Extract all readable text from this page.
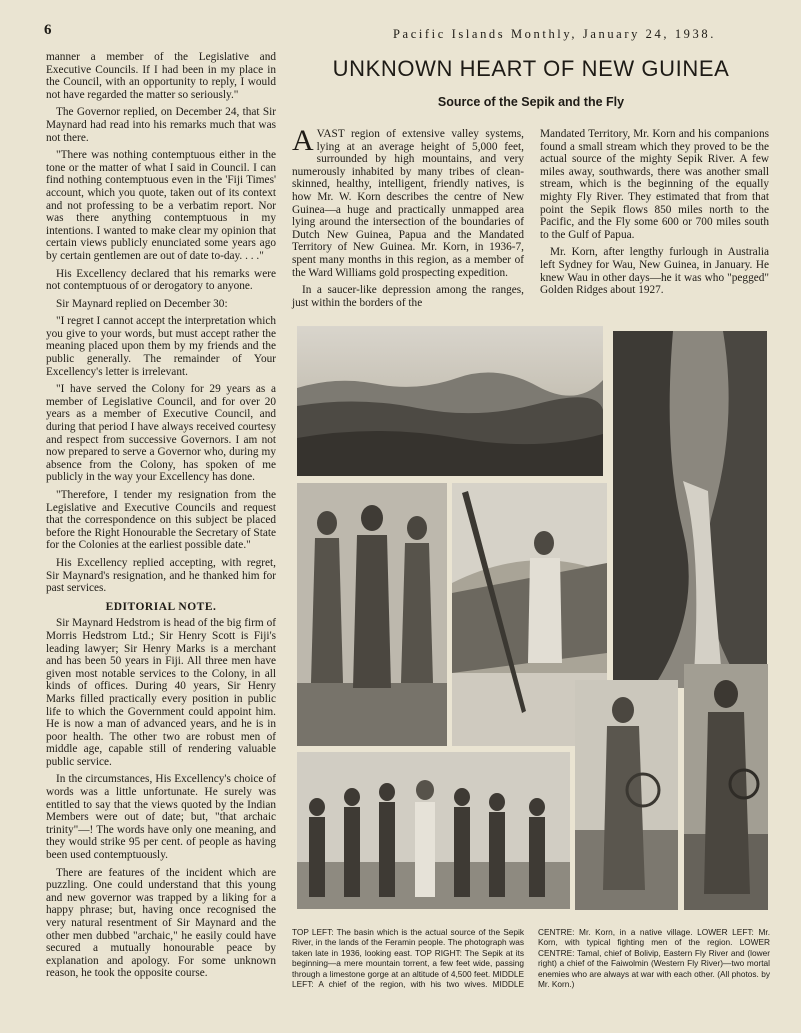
6	Pacific Islands Monthly, January 24, 1938.

manner a member of the Legislative and Executive Councils. If I had been in my place in the Council, with an opportunity to reply, I would not have regarded the matter so seriously."

The Governor replied, on December 24, that Sir Maynard had read into his remarks much that was not there.

"There was nothing contemptuous either in the tone or the matter of what I said in Council. I can find nothing contemptuous even in the 'Fiji Times' account, which you quote, taken out of its context and not professing to be a verbatim report. Nor was there anything contemptuous in my intentions. I wanted to make clear my opinion that certain views publicly enunciated some years ago by certain gentlemen are out of date to-day. . . ."

His Excellency declared that his remarks were not contemptuous of or derogatory to anyone.

Sir Maynard replied on December 30:

"I regret I cannot accept the interpretation which you give to your words, but must accept rather the meaning placed upon them by my friends and the public generally. The remainder of Your Excellency's letter is irrelevant.

"I have served the Colony for 29 years as a member of Legislative Council, and for over 20 years as a member of Executive Council, and during that period I have always received courtesy and respect from successive Governors. I am not now prepared to serve a Governor who, during my absence from the Colony, has spoken of me publicly in the way your Excellency has done.

"Therefore, I tender my resignation from the Legislative and Executive Councils and request that the correspondence on this subject be placed before the Right Honourable the Secretary of State for the Colonies at the earliest possible date."

His Excellency replied accepting, with regret, Sir Maynard's resignation, and he thanked him for past services.

EDITORIAL NOTE.

Sir Maynard Hedstrom is head of the big firm of Morris Hedstrom Ltd.; Sir Henry Scott is Fiji's leading lawyer; Sir Henry Marks is a merchant and has been 50 years in Fiji. All three men have given most notable services to the Colony, in all kinds of offices. During 40 years, Sir Henry Marks filled practically every position in public life to which the Government could appoint him. He is now a man of advanced years, and he is in poor health. The other two are robust men of middle age, capable still of rendering valuable public service.

In the circumstances, His Excellency's choice of words was a little unfortunate. He surely was entitled to say that the views quoted by the Indian Members were out of date; but, "that archaic trinity"—! The words have only one meaning, and they would strike 95 per cent. of people as having been used contemptuously.

There are features of the incident which are puzzling. One could understand that this young and new governor was trapped by a liking for a happy phrase; but, having once recognised the very natural resentment of Sir Maynard and the other men dubbed "archaic," he easily could have secured a mutually honourable peace by explanation and apology. For some unknown reason, he took the opposite course.

UNKNOWN HEART OF NEW GUINEA
Source of the Sepik and the Fly

AVAST region of extensive valley systems, lying at an average height of 5,000 feet, surrounded by high mountains, and very numerously inhabited by many tribes of clean-skinned, healthy, intelligent, friendly natives, is how Mr. W. Korn describes the centre of New Guinea—a huge and practically unmapped area lying around the intersection of the boundaries of Dutch New Guinea, Papua and the Mandated Territory of New Guinea. Mr. Korn, in 1936-7, spent many months in this region, as a member of the Ward Williams gold prospecting expedition.

In a saucer-like depression among the ranges, just within the borders of the

Mandated Territory, Mr. Korn and his companions found a small stream which they proved to be the actual source of the mighty Sepik River. A few miles away, southwards, there was another small stream, which is the beginning of the equally mighty Fly River. They estimated that from that point the Sepik flows 850 miles north to the Pacific, and the Fly some 600 or 700 miles south to the Gulf of Papua.

Mr. Korn, after lengthy furlough in Australia left Sydney for Wau, New Guinea, in January. He knew Wau in other days—he it was who "pegged" Golden Ridges about 1927.

TOP LEFT: The basin which is the actual source of the Sepik River, in the lands of the Feramin people. The photograph was taken late in 1936, looking east. TOP RIGHT: The Sepik at its beginning—a mere mountain torrent, a few feet wide, passing through a limestone gorge at an altitude of 4,500 feet. MIDDLE LEFT: A chief of the region, with his two wives. MIDDLE CENTRE: Mr. Korn, in a native village. LOWER LEFT: Mr. Korn, with typical fighting men of the region. LOWER CENTRE: Tamal, chief of Bolivip, Eastern Fly River and (lower right) a chief of the Faiwolmin (Western Fly River)—two mortal enemies who are always at war with each other. (All photos. by Mr. Korn.)
